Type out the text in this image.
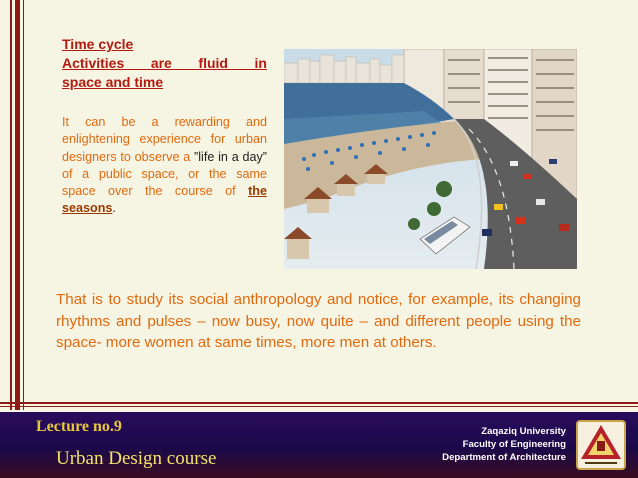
Time cycle
Activities are fluid in
space and time
It can be a rewarding and enlightening experience for urban designers to observe a ”life in a day” of a public space, or the same space over the course of the seasons.
That is to study its social anthropology and notice, for example, its changing rhythms and pulses – now busy, now quite – and different people using the space- more women at same times, more men at others.
Lecture no.9
Urban Design course
Zaqaziq University
Faculty of Engineering
Department of Architecture
